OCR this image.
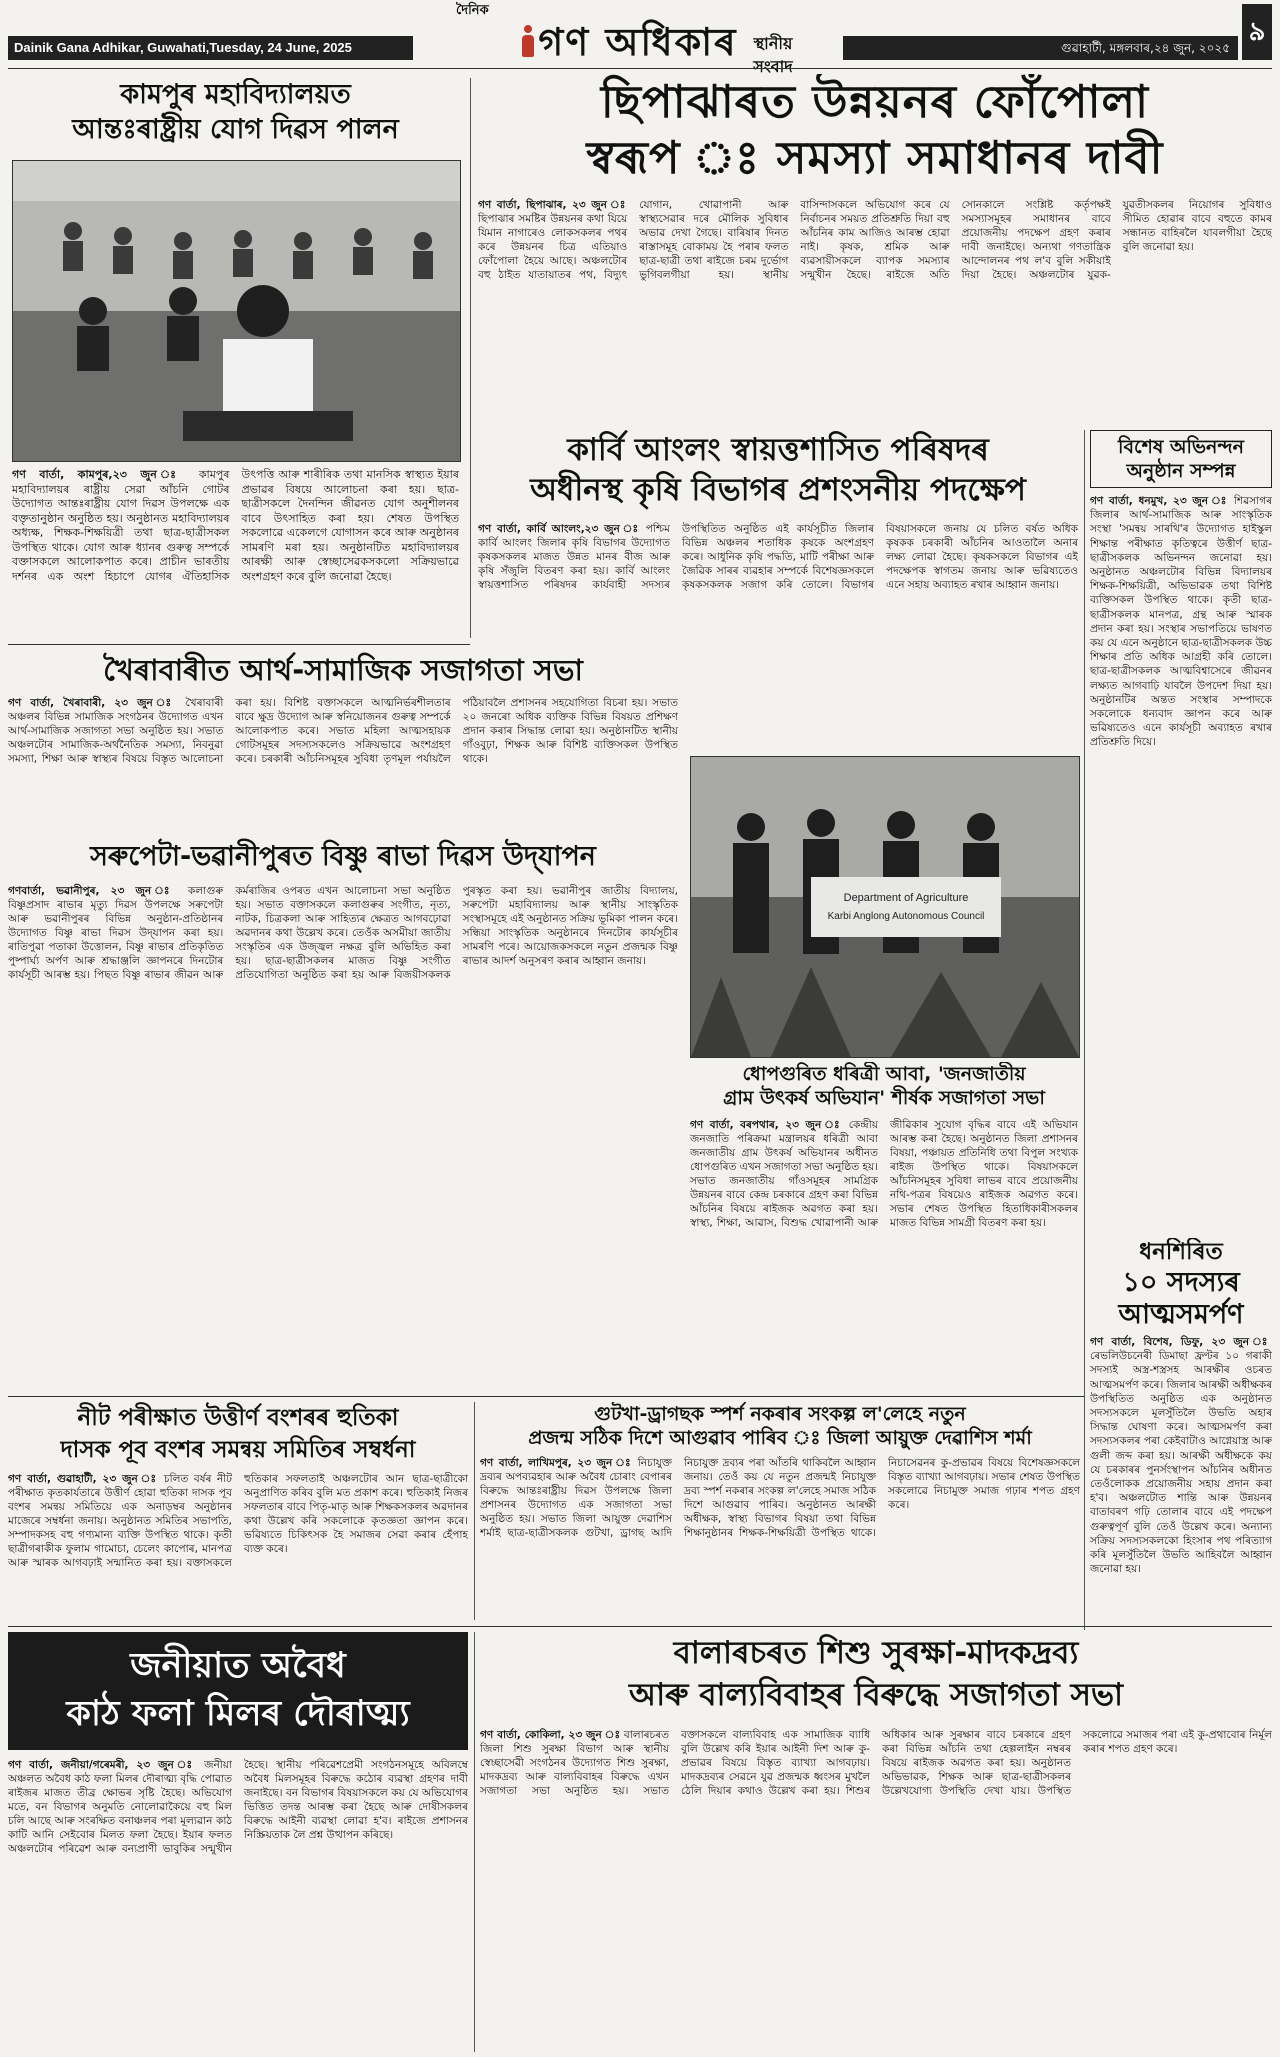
Dainik Gana Adhikar, Guwahati,Tuesday, 24 June, 2025
দৈনিক
গণ অধিকাৰ	স্থানীয় সংবাদ
গুৱাহাটী, মঙ্গলবাৰ,২৪ জুন, ২০২৫
৯
কামপুৰ মহাবিদ্যালয়ত
আন্তঃৰাষ্ট্ৰীয় যোগ দিৱস পালন

গণ বাৰ্তা, কামপুৰ,২৩ জুন ঃ কামপুৰ মহাবিদ্যালয়ৰ ৰাষ্ট্ৰীয় সেৱা আঁচনি গোটৰ উদ্যোগত আন্তঃৰাষ্ট্ৰীয় যোগ দিৱস উপলক্ষে এক বক্তৃতানুষ্ঠান অনুষ্ঠিত হয়। অনুষ্ঠানত মহাবিদ্যালয়ৰ অধ্যক্ষ, শিক্ষক-শিক্ষয়িত্ৰী তথা ছাত্ৰ-ছাত্ৰীসকল উপস্থিত থাকে। যোগ আৰু ধ্যানৰ গুৰুত্ব সম্পৰ্কে বক্তাসকলে আলোকপাত কৰে। প্ৰাচীন ভাৰতীয় দৰ্শনৰ এক অংশ হিচাপে যোগৰ ঐতিহাসিক উৎপত্তি আৰু শাৰীৰিক তথা মানসিক স্বাস্থ্যত ইয়াৰ প্ৰভাৱৰ বিষয়ে আলোচনা কৰা হয়। ছাত্ৰ-ছাত্ৰীসকলে দৈনন্দিন জীৱনত যোগ অনুশীলনৰ বাবে উৎসাহিত কৰা হয়। শেষত উপস্থিত সকলোৱে একেলগে যোগাসন কৰে আৰু অনুষ্ঠানৰ সামৰণি মৰা হয়। অনুষ্ঠানটিত মহাবিদ্যালয়ৰ আৰক্ষী আৰু স্বেচ্ছাসেৱকসকলো সক্ৰিয়ভাৱে অংশগ্ৰহণ কৰে বুলি জনোৱা হৈছে।

ছিপাঝাৰত উন্নয়নৰ ফোঁপোলা
স্বৰূপ ঃ সমস্যা সমাধানৰ দাবী

গণ বাৰ্তা, ছিপাঝাৰ, ২৩ জুন ঃ ছিপাঝাৰ সমষ্টিৰ উন্নয়নৰ কথা যিয়ে যিমান নাগাৰেও লোকসকলৰ পথৰ কৰে উন্নয়নৰ চিত্ৰ এতিয়াও ফোঁপোলা হৈয়ে আছে। অঞ্চলটোৰ বহু ঠাইত যাতায়াতৰ পথ, বিদ্যুৎ যোগান, খোৱাপানী আৰু স্বাস্থ্যসেৱাৰ দৰে মৌলিক সুবিধাৰ অভাৱ দেখা গৈছে। বাৰিষাৰ দিনত ৰাস্তাসমূহ বোকাময় হৈ পৰাৰ ফলত ছাত্ৰ-ছাত্ৰী তথা ৰাইজে চৰম দুৰ্ভোগ ভুগিবলগীয়া হয়। স্থানীয় বাসিন্দাসকলে অভিযোগ কৰে যে নিৰ্বাচনৰ সময়ত প্ৰতিশ্ৰুতি দিয়া বহু আঁচনিৰ কাম আজিও আৰম্ভ হোৱা নাই। কৃষক, শ্ৰমিক আৰু ব্যৱসায়ীসকলে ব্যাপক সমস্যাৰ সন্মুখীন হৈছে। ৰাইজে অতি সোনকালে সংশ্লিষ্ট কৰ্তৃপক্ষই সমস্যাসমূহৰ সমাধানৰ বাবে প্ৰয়োজনীয় পদক্ষেপ গ্ৰহণ কৰাৰ দাবী জনাইছে। অন্যথা গণতান্ত্ৰিক আন্দোলনৰ পথ ল'ব বুলি সকীয়াই দিয়া হৈছে। অঞ্চলটোৰ যুৱক-যুৱতীসকলৰ নিয়োগৰ সুবিধাও সীমিত হোৱাৰ বাবে বহুতে কামৰ সন্ধানত বাহিৰলৈ যাবলগীয়া হৈছে বুলি জনোৱা হয়।

কাৰ্বি আংলং স্বায়ত্তশাসিত পৰিষদৰ
অধীনস্থ কৃষি বিভাগৰ প্ৰশংসনীয় পদক্ষেপ

গণ বাৰ্তা, কাৰ্বি আংলং,২৩ জুন ঃ পশ্চিম কাৰ্বি আংলং জিলাৰ কৃষি বিভাগৰ উদ্যোগত কৃষকসকলৰ মাজত উন্নত মানৰ বীজ আৰু কৃষি সঁজুলি বিতৰণ কৰা হয়। কাৰ্বি আংলং স্বায়ত্তশাসিত পৰিষদৰ কাৰ্যবাহী সদস্যৰ উপস্থিতিত অনুষ্ঠিত এই কাৰ্যসূচীত জিলাৰ বিভিন্ন অঞ্চলৰ শতাধিক কৃষকে অংশগ্ৰহণ কৰে। আধুনিক কৃষি পদ্ধতি, মাটি পৰীক্ষা আৰু জৈৱিক সাৰৰ ব্যৱহাৰ সম্পৰ্কে বিশেষজ্ঞসকলে কৃষকসকলক সজাগ কৰি তোলে। বিভাগৰ বিষয়াসকলে জনায় যে চলিত বৰ্ষত অধিক কৃষকক চৰকাৰী আঁচনিৰ আওতালৈ অনাৰ লক্ষ্য লোৱা হৈছে। কৃষকসকলে বিভাগৰ এই পদক্ষেপক স্বাগতম জনায় আৰু ভৱিষ্যতেও এনে সহায় অব্যাহত ৰখাৰ আহ্বান জনায়।

বিশেষ অভিনন্দন
অনুষ্ঠান সম্পন্ন
গণ বাৰ্তা, ধনমুখ, ২৩ জুন ঃ শিৱসাগৰ জিলাৰ আৰ্থ-সামাজিক আৰু সাংস্কৃতিক সংস্থা 'সমন্বয় সাৰথি'ৰ উদ্যোগত হাইস্কুল শিক্ষান্ত পৰীক্ষাত কৃতিত্বৰে উত্তীৰ্ণ ছাত্ৰ-ছাত্ৰীসকলক অভিনন্দন জনোৱা হয়। অনুষ্ঠানত অঞ্চলটোৰ বিভিন্ন বিদ্যালয়ৰ শিক্ষক-শিক্ষয়িত্ৰী, অভিভাৱক তথা বিশিষ্ট ব্যক্তিসকল উপস্থিত থাকে। কৃতী ছাত্ৰ-ছাত্ৰীসকলক মানপত্ৰ, গ্ৰন্থ আৰু স্মাৰক প্ৰদান কৰা হয়। সংস্থাৰ সভাপতিয়ে ভাষণত কয় যে এনে অনুষ্ঠানে ছাত্ৰ-ছাত্ৰীসকলক উচ্চ শিক্ষাৰ প্ৰতি অধিক আগ্ৰহী কৰি তোলে। ছাত্ৰ-ছাত্ৰীসকলক আত্মবিশ্বাসেৰে জীৱনৰ লক্ষ্যত আগবাঢ়ি যাবলৈ উপদেশ দিয়া হয়। অনুষ্ঠানটিৰ অন্তত সংস্থাৰ সম্পাদকে সকলোকে ধন্যবাদ জ্ঞাপন কৰে আৰু ভৱিষ্যতেও এনে কাৰ্যসূচী অব্যাহত ৰখাৰ প্ৰতিশ্ৰুতি দিয়ে।
ধনশিৰিত
১০ সদস্যৰ
আত্মসমৰ্পণ
গণ বাৰ্তা, বিশেষ, ডিফু, ২৩ জুন ঃ ৰেভলিউচনেৰী ডিমাছা ফ্ৰণ্টৰ ১০ গৰাকী সদস্যই অস্ত্ৰ-শস্ত্ৰসহ আৰক্ষীৰ ওচৰত আত্মসমৰ্পণ কৰে। জিলাৰ আৰক্ষী অধীক্ষকৰ উপস্থিতিত অনুষ্ঠিত এক অনুষ্ঠানত সদস্যসকলে মূলসুঁতিলৈ উভতি অহাৰ সিদ্ধান্ত ঘোষণা কৰে। আত্মসমৰ্পণ কৰা সদস্যসকলৰ পৰা কেইবাটাও আগ্নেয়াস্ত্ৰ আৰু গুলী জব্দ কৰা হয়। আৰক্ষী অধীক্ষকে কয় যে চৰকাৰৰ পুনৰ্সংস্থাপন আঁচনিৰ অধীনত তেওঁলোকক প্ৰয়োজনীয় সহায় প্ৰদান কৰা হ'ব। অঞ্চলটোত শান্তি আৰু উন্নয়নৰ বাতাবৰণ গঢ়ি তোলাৰ বাবে এই পদক্ষেপ গুৰুত্বপূৰ্ণ বুলি তেওঁ উল্লেখ কৰে। অন্যান্য সক্ৰিয় সদস্যসকলকো হিংসাৰ পথ পৰিত্যাগ কৰি মূলসুঁতিলৈ উভতি আহিবলৈ আহ্বান জনোৱা হয়।
খৈৰাবাৰীত আৰ্থ-সামাজিক সজাগতা সভা

গণ বাৰ্তা, খৈৰাবাৰী, ২৩ জুন ঃ খৈৰাবাৰী অঞ্চলৰ বিভিন্ন সামাজিক সংগঠনৰ উদ্যোগত এখন আৰ্থ-সামাজিক সজাগতা সভা অনুষ্ঠিত হয়। সভাত অঞ্চলটোৰ সামাজিক-অৰ্থনৈতিক সমস্যা, নিবনুৱা সমস্যা, শিক্ষা আৰু স্বাস্থ্যৰ বিষয়ে বিস্তৃত আলোচনা কৰা হয়। বিশিষ্ট বক্তাসকলে আত্মনিৰ্ভৰশীলতাৰ বাবে ক্ষুদ্ৰ উদ্যোগ আৰু স্বনিয়োজনৰ গুৰুত্ব সম্পৰ্কে আলোকপাত কৰে। সভাত মহিলা আত্মসহায়ক গোটসমূহৰ সদস্যসকলেও সক্ৰিয়ভাৱে অংশগ্ৰহণ কৰে। চৰকাৰী আঁচনিসমূহৰ সুবিধা তৃণমূল পৰ্যায়লৈ পঠিয়াবলৈ প্ৰশাসনৰ সহযোগিতা বিচৰা হয়। সভাত ২০ জনৰো অধিক ব্যক্তিক বিভিন্ন বিষয়ত প্ৰশিক্ষণ প্ৰদান কৰাৰ সিদ্ধান্ত লোৱা হয়। অনুষ্ঠানটিত স্থানীয় গাঁওবুঢ়া, শিক্ষক আৰু বিশিষ্ট ব্যক্তিসকল উপস্থিত থাকে।

Department of Agriculture
Karbi Anglong Autonomous Council
সৰুপেটা-ভৱানীপুৰত বিষ্ণু ৰাভা দিৱস উদ্‌যাপন

গণবাৰ্তা, ভৱানীপুৰ, ২৩ জুন ঃ কলাগুৰু বিষ্ণুপ্ৰসাদ ৰাভাৰ মৃত্যু দিৱস উপলক্ষে সৰুপেটা আৰু ভৱানীপুৰৰ বিভিন্ন অনুষ্ঠান-প্ৰতিষ্ঠানৰ উদ্যোগত বিষ্ণু ৰাভা দিৱস উদ্‌যাপন কৰা হয়। ৰাতিপুৱা পতাকা উত্তোলন, বিষ্ণু ৰাভাৰ প্ৰতিকৃতিত পুষ্পাৰ্ঘ্য অৰ্পণ আৰু শ্ৰদ্ধাঞ্জলি জ্ঞাপনৰে দিনটোৰ কাৰ্যসূচী আৰম্ভ হয়। পিছত বিষ্ণু ৰাভাৰ জীৱন আৰু কৰ্মৰাজিৰ ওপৰত এখন আলোচনা সভা অনুষ্ঠিত হয়। সভাত বক্তাসকলে কলাগুৰুৰ সংগীত, নৃত্য, নাটক, চিত্ৰকলা আৰু সাহিত্যৰ ক্ষেত্ৰত আগবঢ়োৱা অৱদানৰ কথা উল্লেখ কৰে। তেওঁক অসমীয়া জাতীয় সংস্কৃতিৰ এক উজ্জ্বল নক্ষত্ৰ বুলি অভিহিত কৰা হয়। ছাত্ৰ-ছাত্ৰীসকলৰ মাজত বিষ্ণু সংগীত প্ৰতিযোগিতা অনুষ্ঠিত কৰা হয় আৰু বিজয়ীসকলক পুৰস্কৃত কৰা হয়। ভৱানীপুৰ জাতীয় বিদ্যালয়, সৰুপেটা মহাবিদ্যালয় আৰু স্থানীয় সাংস্কৃতিক সংস্থাসমূহে এই অনুষ্ঠানত সক্ৰিয় ভূমিকা পালন কৰে। সন্ধিয়া সাংস্কৃতিক অনুষ্ঠানৰে দিনটোৰ কাৰ্যসূচীৰ সামৰণি পৰে। আয়োজকসকলে নতুন প্ৰজন্মক বিষ্ণু ৰাভাৰ আদৰ্শ অনুসৰণ কৰাৰ আহ্বান জনায়।

ধোপগুৰিত ধৰিত্ৰী আবা, 'জনজাতীয়
গ্ৰাম উৎকৰ্ষ অভিযান' শীৰ্ষক সজাগতা সভা

গণ বাৰ্তা, বৰপথাৰ, ২৩ জুন ঃ কেন্দ্ৰীয় জনজাতি পৰিক্ৰমা মন্ত্ৰালয়ৰ ধৰিত্ৰী আবা জনজাতীয় গ্ৰাম উৎকৰ্ষ অভিযানৰ অধীনত ধোপগুৰিত এখন সজাগতা সভা অনুষ্ঠিত হয়। সভাত জনজাতীয় গাঁওসমূহৰ সামগ্ৰিক উন্নয়নৰ বাবে কেন্দ্ৰ চৰকাৰে গ্ৰহণ কৰা বিভিন্ন আঁচনিৰ বিষয়ে ৰাইজক অৱগত কৰা হয়। স্বাস্থ্য, শিক্ষা, আৱাস, বিশুদ্ধ খোৱাপানী আৰু জীৱিকাৰ সুযোগ বৃদ্ধিৰ বাবে এই অভিযান আৰম্ভ কৰা হৈছে। অনুষ্ঠানত জিলা প্ৰশাসনৰ বিষয়া, পঞ্চায়ত প্ৰতিনিধি তথা বিপুল সংখ্যক ৰাইজ উপস্থিত থাকে। বিষয়াসকলে আঁচনিসমূহৰ সুবিধা লাভৰ বাবে প্ৰয়োজনীয় নথি-পত্ৰৰ বিষয়েও ৰাইজক অৱগত কৰে। সভাৰ শেষত উপস্থিত হিতাধিকাৰীসকলৰ মাজত বিভিন্ন সামগ্ৰী বিতৰণ কৰা হয়।

নীট পৰীক্ষাত উত্তীৰ্ণ বংশৰৰ হুতিকা
দাসক পূব বংশৰ সমন্বয় সমিতিৰ সম্বৰ্ধনা

গণ বাৰ্তা, গুৱাহাটী, ২৩ জুন ঃ চলিত বৰ্ষৰ নীট পৰীক্ষাত কৃতকাৰ্যতাৰে উত্তীৰ্ণ হোৱা হুতিকা দাসক পূব বংশৰ সমন্বয় সমিতিয়ে এক অনাড়ম্বৰ অনুষ্ঠানৰ মাজেৰে সম্বৰ্ধনা জনায়। অনুষ্ঠানত সমিতিৰ সভাপতি, সম্পাদকসহ বহু গণ্যমান্য ব্যক্তি উপস্থিত থাকে। কৃতী ছাত্ৰীগৰাকীক ফুলাম গামোচা, চেলেং কাপোৰ, মানপত্ৰ আৰু স্মাৰক আগবঢ়াই সন্মানিত কৰা হয়। বক্তাসকলে হুতিকাৰ সফলতাই অঞ্চলটোৰ আন ছাত্ৰ-ছাত্ৰীকো অনুপ্ৰাণিত কৰিব বুলি মত প্ৰকাশ কৰে। হুতিকাই নিজৰ সফলতাৰ বাবে পিতৃ-মাতৃ আৰু শিক্ষকসকলৰ অৱদানৰ কথা উল্লেখ কৰি সকলোকে কৃতজ্ঞতা জ্ঞাপন কৰে। ভৱিষ্যতে চিকিৎসক হৈ সমাজৰ সেৱা কৰাৰ হেঁপাহ ব্যক্ত কৰে।

গুটখা-ড্ৰাগছক স্পৰ্শ নকৰাৰ সংকল্প ল'লেহে নতুন
প্ৰজন্ম সঠিক দিশে আগুৱাব পাৰিব ঃ জিলা আয়ুক্ত দেৱাশিস শৰ্মা

গণ বাৰ্তা, লাখিমপুৰ, ২৩ জুন ঃ নিচাযুক্ত দ্ৰব্যৰ অপব্যৱহাৰ আৰু অবৈধ চোৰাং বেপাৰৰ বিৰুদ্ধে আন্তঃৰাষ্ট্ৰীয় দিৱস উপলক্ষে জিলা প্ৰশাসনৰ উদ্যোগত এক সজাগতা সভা অনুষ্ঠিত হয়। সভাত জিলা আয়ুক্ত দেৱাশিস শৰ্মাই ছাত্ৰ-ছাত্ৰীসকলক গুটখা, ড্ৰাগছ আদি নিচাযুক্ত দ্ৰব্যৰ পৰা আঁতৰি থাকিবলৈ আহ্বান জনায়। তেওঁ কয় যে নতুন প্ৰজন্মই নিচাযুক্ত দ্ৰব্য স্পৰ্শ নকৰাৰ সংকল্প ল'লেহে সমাজ সঠিক দিশে আগুৱাব পাৰিব। অনুষ্ঠানত আৰক্ষী অধীক্ষক, স্বাস্থ্য বিভাগৰ বিষয়া তথা বিভিন্ন শিক্ষানুষ্ঠানৰ শিক্ষক-শিক্ষয়িত্ৰী উপস্থিত থাকে। নিচাসেৱনৰ কু-প্ৰভাৱৰ বিষয়ে বিশেষজ্ঞসকলে বিস্তৃত ব্যাখ্যা আগবঢ়ায়। সভাৰ শেষত উপস্থিত সকলোৱে নিচামুক্ত সমাজ গঢ়াৰ শপত গ্ৰহণ কৰে।

জনীয়াত অবৈধ
কাঠ ফলা মিলৰ দৌৰাত্ম্য

গণ বাৰ্তা, জনীয়া/গৰেমৰী, ২৩ জুন ঃ জনীয়া অঞ্চলত অবৈধ কাঠ ফলা মিলৰ দৌৰাত্ম্য বৃদ্ধি পোৱাত ৰাইজৰ মাজত তীব্ৰ ক্ষোভৰ সৃষ্টি হৈছে। অভিযোগ মতে, বন বিভাগৰ অনুমতি নোলোৱাকৈয়ে বহু মিল চলি আছে আৰু সংৰক্ষিত বনাঞ্চলৰ পৰা মূল্যৱান কাঠ কাটি আনি সেইবোৰ মিলত ফলা হৈছে। ইয়াৰ ফলত অঞ্চলটোৰ পৰিৱেশ আৰু বন্যপ্ৰাণী ভাবুকিৰ সন্মুখীন হৈছে। স্থানীয় পৰিৱেশপ্ৰেমী সংগঠনসমূহে অবিলম্বে অবৈধ মিলসমূহৰ বিৰুদ্ধে কঠোৰ ব্যৱস্থা গ্ৰহণৰ দাবী জনাইছে। বন বিভাগৰ বিষয়াসকলে কয় যে অভিযোগৰ ভিত্তিত তদন্ত আৰম্ভ কৰা হৈছে আৰু দোষীসকলৰ বিৰুদ্ধে আইনী ব্যৱস্থা লোৱা হ'ব। ৰাইজে প্ৰশাসনৰ নিস্ক্ৰিয়তাক লৈ প্ৰশ্ন উত্থাপন কৰিছে।

বালাৰচৰত শিশু সুৰক্ষা-মাদকদ্ৰব্য
আৰু বাল্যবিবাহৰ বিৰুদ্ধে সজাগতা সভা

গণ বাৰ্তা, কোকিলা, ২৩ জুন ঃ বালাৰচৰত জিলা শিশু সুৰক্ষা বিভাগ আৰু স্থানীয় স্বেচ্ছাসেৱী সংগঠনৰ উদ্যোগত শিশু সুৰক্ষা, মাদকদ্ৰব্য আৰু বাল্যবিবাহৰ বিৰুদ্ধে এখন সজাগতা সভা অনুষ্ঠিত হয়। সভাত বক্তাসকলে বাল্যবিবাহ এক সামাজিক ব্যাধি বুলি উল্লেখ কৰি ইয়াৰ আইনী দিশ আৰু কু-প্ৰভাৱৰ বিষয়ে বিস্তৃত ব্যাখ্যা আগবঢ়ায়। মাদকদ্ৰব্যৰ সেৱনে যুৱ প্ৰজন্মক ধ্বংসৰ মুখলৈ ঠেলি দিয়াৰ কথাও উল্লেখ কৰা হয়। শিশুৰ অধিকাৰ আৰু সুৰক্ষাৰ বাবে চৰকাৰে গ্ৰহণ কৰা বিভিন্ন আঁচনি তথা হেল্পলাইন নম্বৰৰ বিষয়ে ৰাইজক অৱগত কৰা হয়। অনুষ্ঠানত অভিভাৱক, শিক্ষক আৰু ছাত্ৰ-ছাত্ৰীসকলৰ উল্লেখযোগ্য উপস্থিতি দেখা যায়। উপস্থিত সকলোৱে সমাজৰ পৰা এই কু-প্ৰথাবোৰ নিৰ্মূল কৰাৰ শপত গ্ৰহণ কৰে।
